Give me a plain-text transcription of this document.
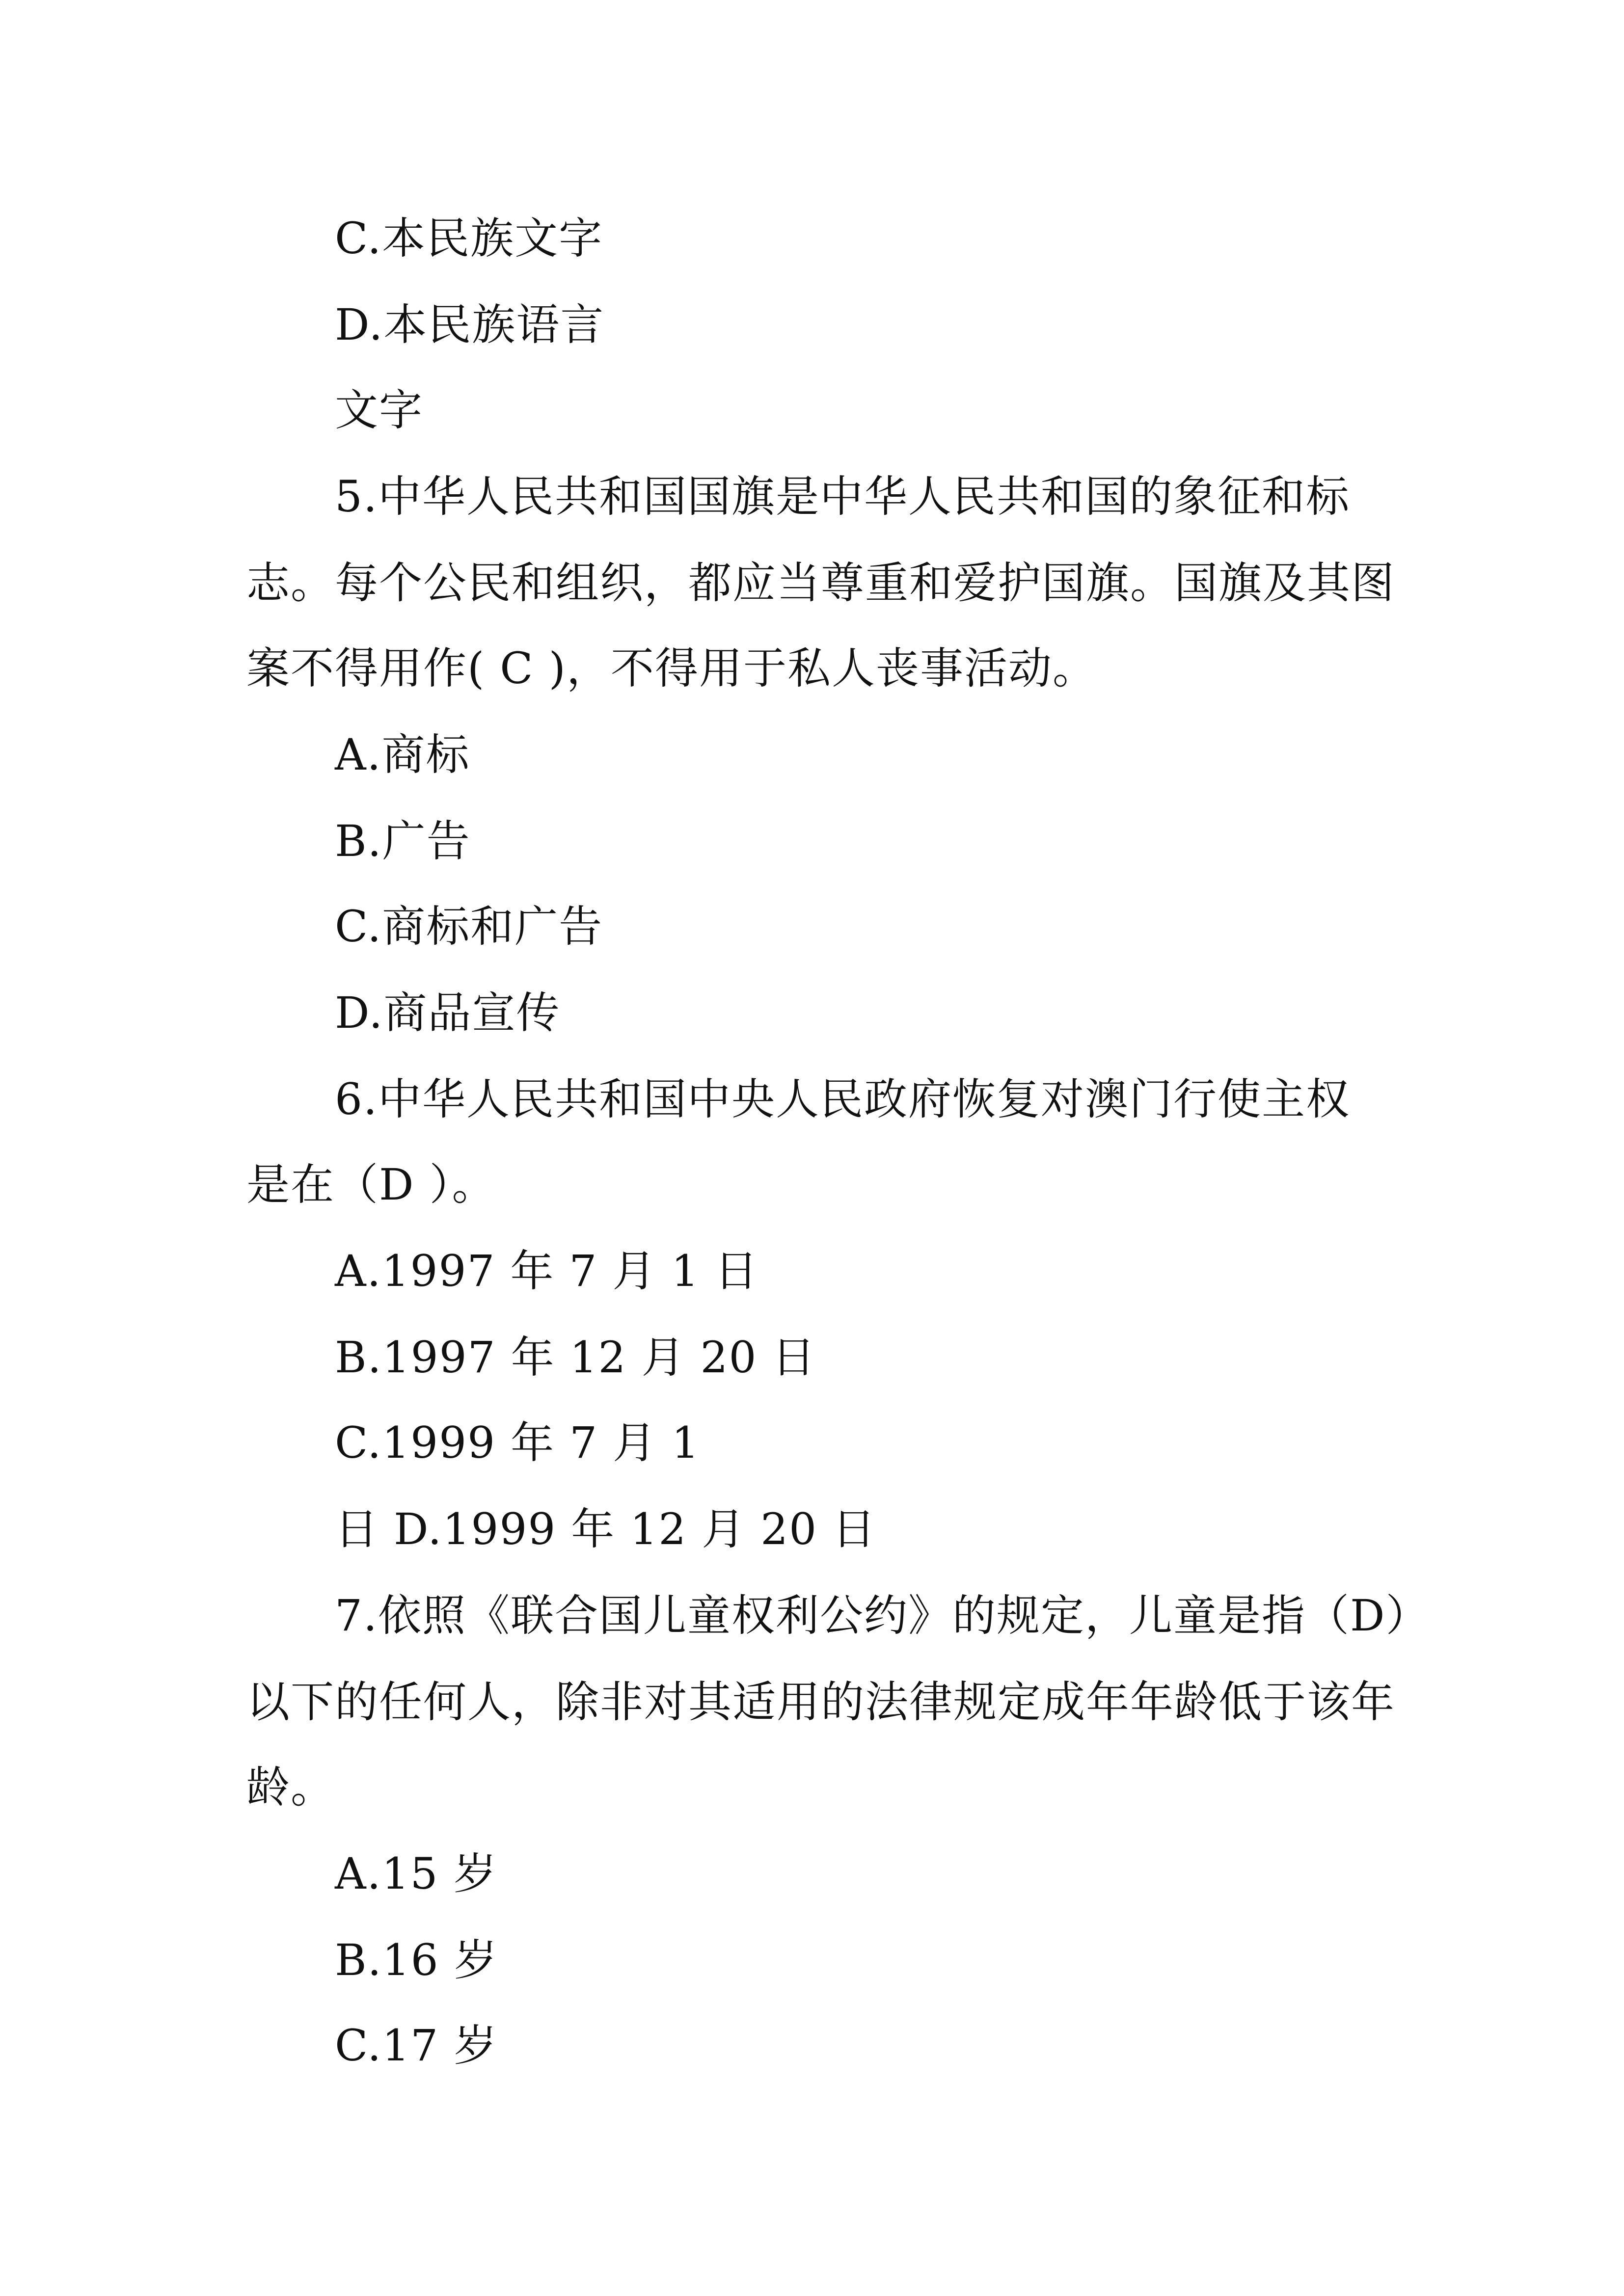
C.本民族文字
D.本民族语言
文字
5.中华人民共和国国旗是中华人民共和国的象征和标
志。每个公民和组织，都应当尊重和爱护国旗。国旗及其图
案不得用作( C )，不得用于私人丧事活动。
A.商标
B.广告
C.商标和广告
D.商品宣传
6.中华人民共和国中央人民政府恢复对澳门行使主权
是在（D ）。
A.1997 年 7 月 1 日
B.1997 年 12 月 20 日
C.1999 年 7 月 1
日 D.1999 年 12 月 20 日
7.依照《联合国儿童权利公约》的规定，儿童是指（D）
以下的任何人，除非对其适用的法律规定成年年龄低于该年
龄。
A.15 岁
B.16 岁
C.17 岁
